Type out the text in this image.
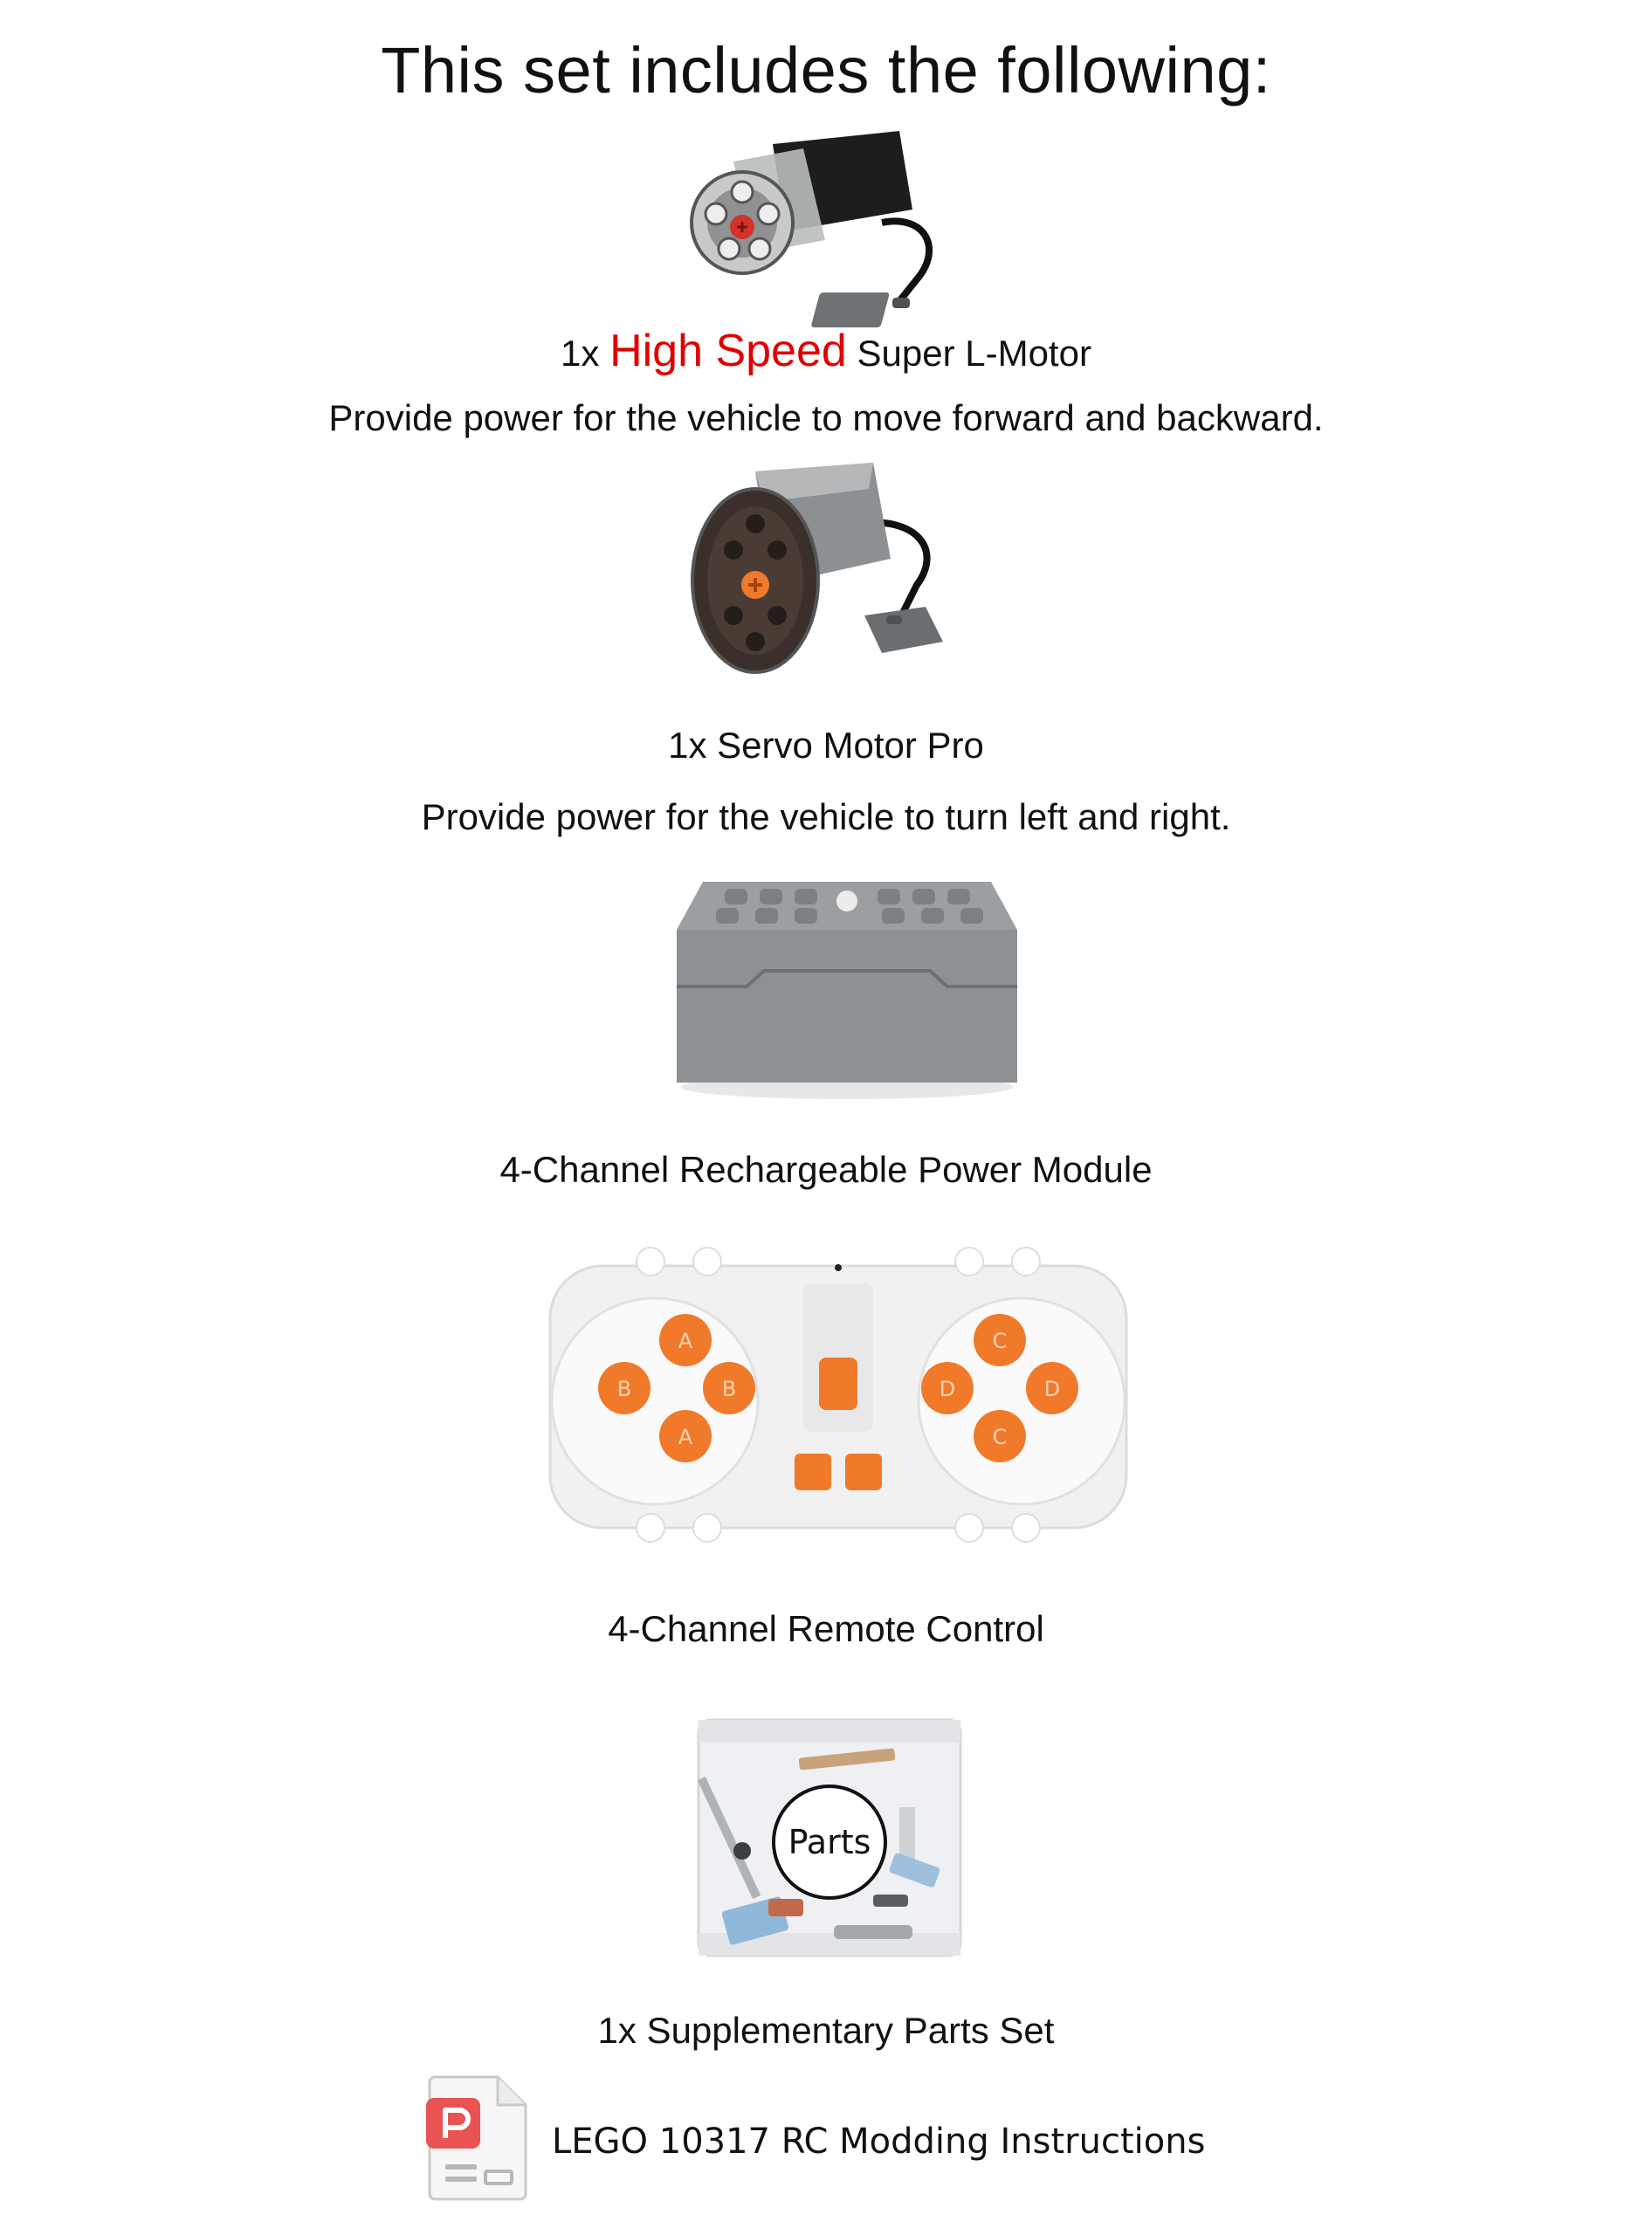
This set includes the following:
1x High Speed Super L-Motor
Provide power for the vehicle to move forward and backward.
1x Servo Motor Pro
Provide power for the vehicle to turn left and right.
4-Channel Rechargeable Power Module
A
B	B
A
C
D	D
C
4-Channel Remote Control
Parts
1x Supplementary Parts Set
LEGO 10317 RC Modding Instructions
